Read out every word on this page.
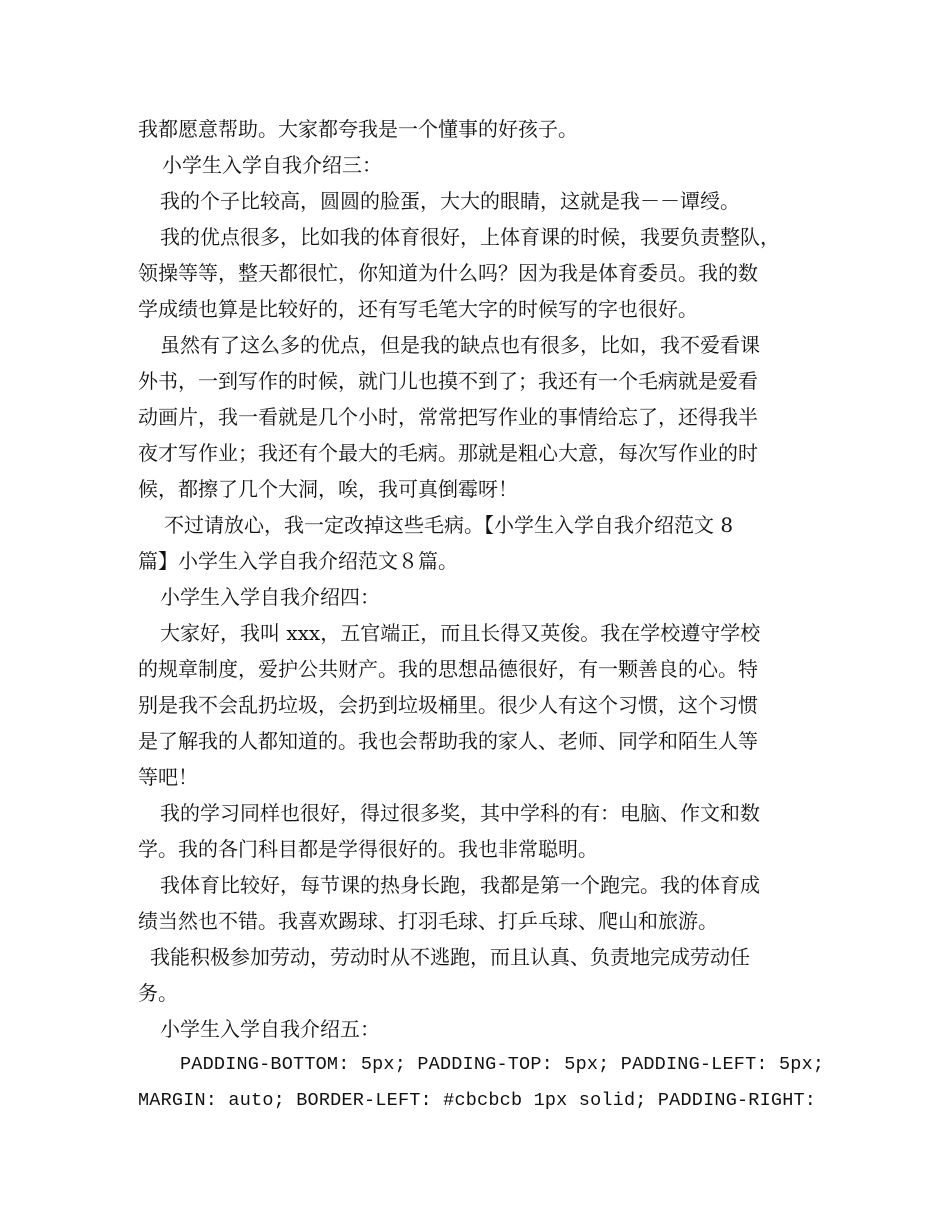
我都愿意帮助。大家都夸我是一个懂事的好孩子。
小学生入学自我介绍三：
我的个子比较高，圆圆的脸蛋，大大的眼睛，这就是我－－谭绶。
我的优点很多，比如我的体育很好，上体育课的时候，我要负责整队，
领操等等，整天都很忙，你知道为什么吗？因为我是体育委员。我的数
学成绩也算是比较好的，还有写毛笔大字的时候写的字也很好。
虽然有了这么多的优点，但是我的缺点也有很多，比如，我不爱看课
外书，一到写作的时候，就门儿也摸不到了；我还有一个毛病就是爱看
动画片，我一看就是几个小时，常常把写作业的事情给忘了，还得我半
夜才写作业；我还有个最大的毛病。那就是粗心大意，每次写作业的时
候，都擦了几个大洞，唉，我可真倒霉呀！
不过请放心，我一定改掉这些毛病。【小学生入学自我介绍范文 8
篇】小学生入学自我介绍范文８篇。
小学生入学自我介绍四：
大家好，我叫 xxx，五官端正，而且长得又英俊。我在学校遵守学校
的规章制度，爱护公共财产。我的思想品德很好，有一颗善良的心。特
别是我不会乱扔垃圾，会扔到垃圾桶里。很少人有这个习惯，这个习惯
是了解我的人都知道的。我也会帮助我的家人、老师、同学和陌生人等
等吧！
我的学习同样也很好，得过很多奖，其中学科的有：电脑、作文和数
学。我的各门科目都是学得很好的。我也非常聪明。
我体育比较好，每节课的热身长跑，我都是第一个跑完。我的体育成
绩当然也不错。我喜欢踢球、打羽毛球、打乒乓球、爬山和旅游。
我能积极参加劳动，劳动时从不逃跑，而且认真、负责地完成劳动任
务。
小学生入学自我介绍五：
PADDING-BOTTOM: 5px; PADDING-TOP: 5px; PADDING-LEFT: 5px;
MARGIN: auto; BORDER-LEFT: #cbcbcb 1px solid; PADDING-RIGHT:
